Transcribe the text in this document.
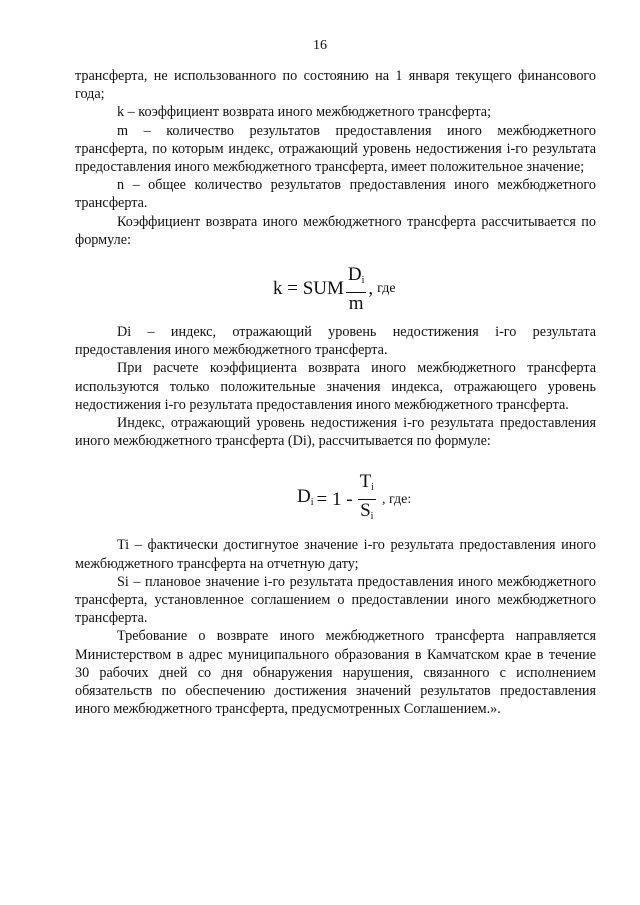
16

трансферта, не использованного по состоянию на 1 января текущего финансового года;

k – коэффициент возврата иного межбюджетного трансферта;

m – количество результатов предоставления иного межбюджетного трансферта, по которым индекс, отражающий уровень недостижения i-го результата предоставления иного межбюджетного трансферта, имеет положительное значение;

n – общее количество результатов предоставления иного межбюджетного трансферта.

Коэффициент возврата иного межбюджетного трансферта рассчитывается по формуле:

k = SUM $\frac{D_i}{m}$ , где

Di – индекс, отражающий уровень недостижения i-го результата предоставления иного межбюджетного трансферта.

При расчете коэффициента возврата иного межбюджетного трансферта используются только положительные значения индекса, отражающего уровень недостижения i-го результата предоставления иного межбюджетного трансферта.

Индекс, отражающий уровень недостижения i-го результата предоставления иного межбюджетного трансферта (Di), рассчитывается по формуле:

$D_i = 1 - \frac{T_i}{S_i}$ , где:

Ti – фактически достигнутое значение i-го результата предоставления иного межбюджетного трансферта на отчетную дату;

Si – плановое значение i-го результата предоставления иного межбюджетного трансферта, установленное соглашением о предоставлении иного межбюджетного трансферта.

Требование о возврате иного межбюджетного трансферта направляется Министерством в адрес муниципального образования в Камчатском крае в течение 30 рабочих дней со дня обнаружения нарушения, связанного с исполнением обязательств по обеспечению достижения значений результатов предоставления иного межбюджетного трансферта, предусмотренных Соглашением.».
